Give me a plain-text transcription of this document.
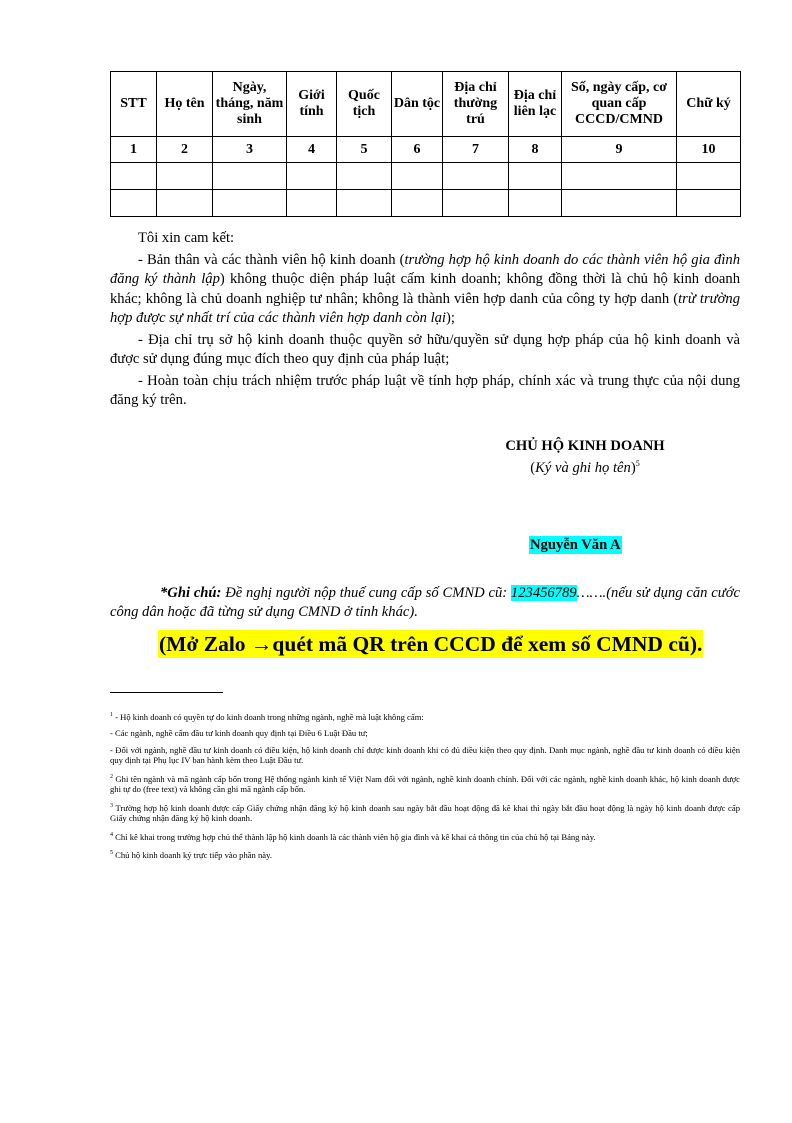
STT	Họ tên	Ngày, tháng, năm sinh	Giới tính	Quốc tịch	Dân tộc	Địa chỉ thường trú	Địa chỉ liên lạc	Số, ngày cấp, cơ quan cấp CCCD/CMND	Chữ ký
1	2	3	4	5	6	7	8	9	10

Tôi xin cam kết:

- Bản thân và các thành viên hộ kinh doanh (trường hợp hộ kinh doanh do các thành viên hộ gia đình đăng ký thành lập) không thuộc diện pháp luật cấm kinh doanh; không đồng thời là chủ hộ kinh doanh khác; không là chủ doanh nghiệp tư nhân; không là thành viên hợp danh của công ty hợp danh (trừ trường hợp được sự nhất trí của các thành viên hợp danh còn lại);

- Địa chỉ trụ sở hộ kinh doanh thuộc quyền sở hữu/quyền sử dụng hợp pháp của hộ kinh doanh và được sử dụng đúng mục đích theo quy định của pháp luật;

- Hoàn toàn chịu trách nhiệm trước pháp luật về tính hợp pháp, chính xác và trung thực của nội dung đăng ký trên.

CHỦ HỘ KINH DOANH
(Ký và ghi họ tên)$^5$
Nguyễn Văn A
*Ghi chú: Đề nghị người nộp thuế cung cấp số CMND cũ: 123456789…….(nếu sử dụng căn cước công dân hoặc đã từng sử dụng CMND ở tỉnh khác).
(Mở Zalo →quét mã QR trên CCCD để xem số CMND cũ).

$^1$ - Hộ kinh doanh có quyền tự do kinh doanh trong những ngành, nghề mà luật không cấm:

- Các ngành, nghề cấm đầu tư kinh doanh quy định tại Điều 6 Luật Đầu tư;

- Đối với ngành, nghề đầu tư kinh doanh có điều kiện, hộ kinh doanh chỉ được kinh doanh khi có đủ điều kiện theo quy định. Danh mục ngành, nghề đầu tư kinh doanh có điều kiện quy định tại Phụ lục IV ban hành kèm theo Luật Đầu tư.

$^2$ Ghi tên ngành và mã ngành cấp bốn trong Hệ thống ngành kinh tế Việt Nam đối với ngành, nghề kinh doanh chính. Đối với các ngành, nghề kinh doanh khác, hộ kinh doanh được ghi tự do (free text) và không cần ghi mã ngành cấp bốn.

$^3$ Trường hợp hộ kinh doanh được cấp Giấy chứng nhận đăng ký hộ kinh doanh sau ngày bắt đầu hoạt động đã kê khai thì ngày bắt đầu hoạt động là ngày hộ kinh doanh được cấp Giấy chứng nhận đăng ký hộ kinh doanh.

$^4$ Chỉ kê khai trong trường hợp chủ thể thành lập hộ kinh doanh là các thành viên hộ gia đình và kê khai cả thông tin của chủ hộ tại Bảng này.

$^5$ Chủ hộ kinh doanh ký trực tiếp vào phần này.
